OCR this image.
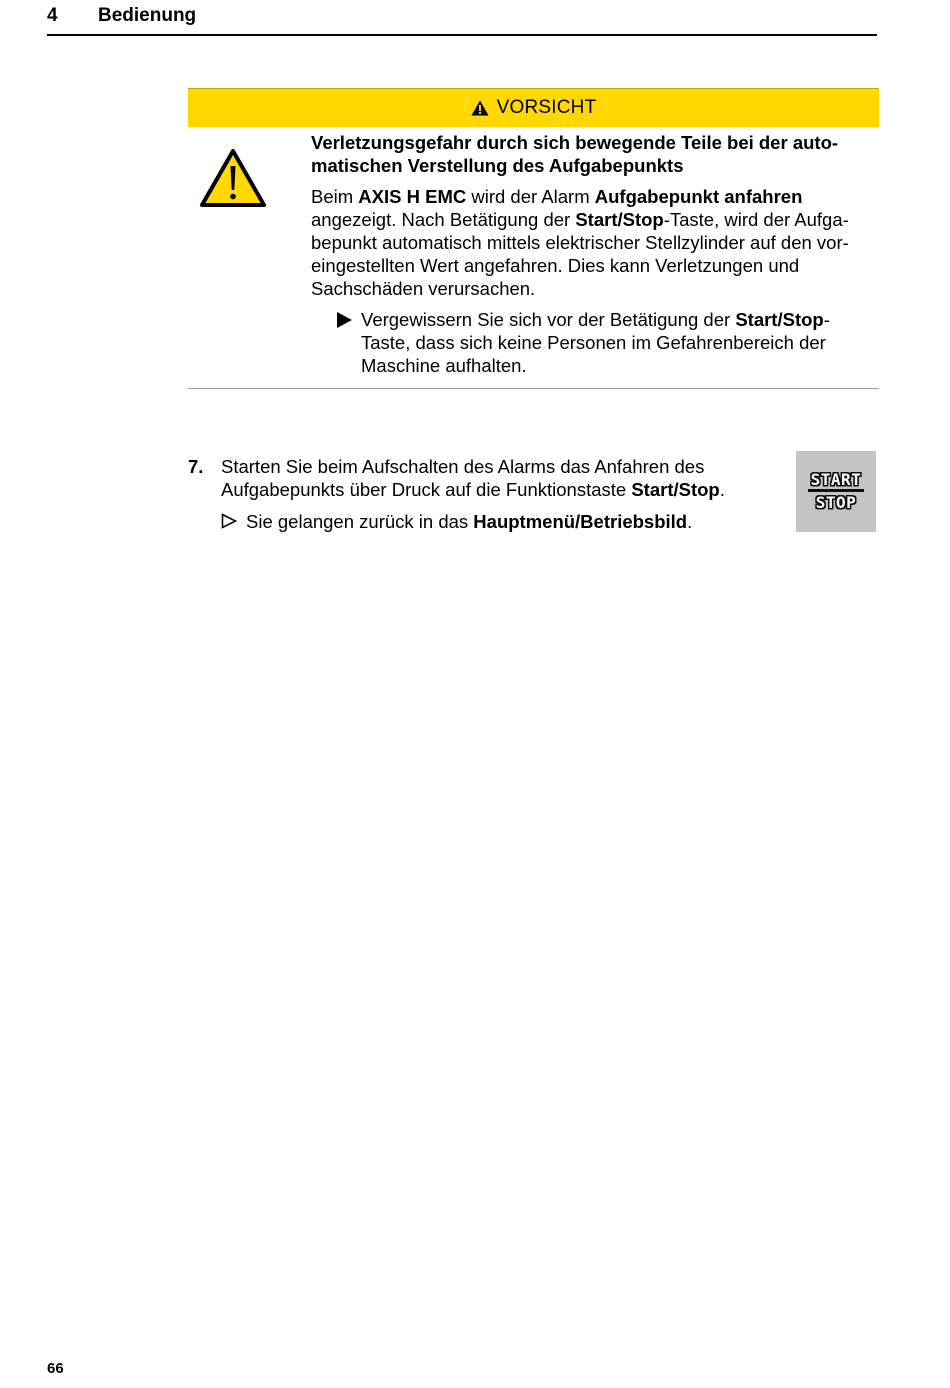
4 Bedienung
VORSICHT

Verletzungsgefahr durch sich bewegende Teile bei der auto-matischen Verstellung des Aufgabepunkts

Beim AXIS H EMC wird der Alarm Aufgabepunkt anfahren angezeigt. Nach Betätigung der Start/Stop-Taste, wird der Aufga-bepunkt automatisch mittels elektrischer Stellzylinder auf den vor-eingestellten Wert angefahren. Dies kann Verletzungen und Sachschäden verursachen.

Vergewissern Sie sich vor der Betätigung der Start/Stop-Taste, dass sich keine Personen im Gefahrenbereich der Maschine aufhalten.
7. Starten Sie beim Aufschalten des Alarms das Anfahren des Aufgabepunkts über Druck auf die Funktionstaste Start/Stop.
Sie gelangen zurück in das Hauptmenü/Betriebsbild.
START
STOP
66
